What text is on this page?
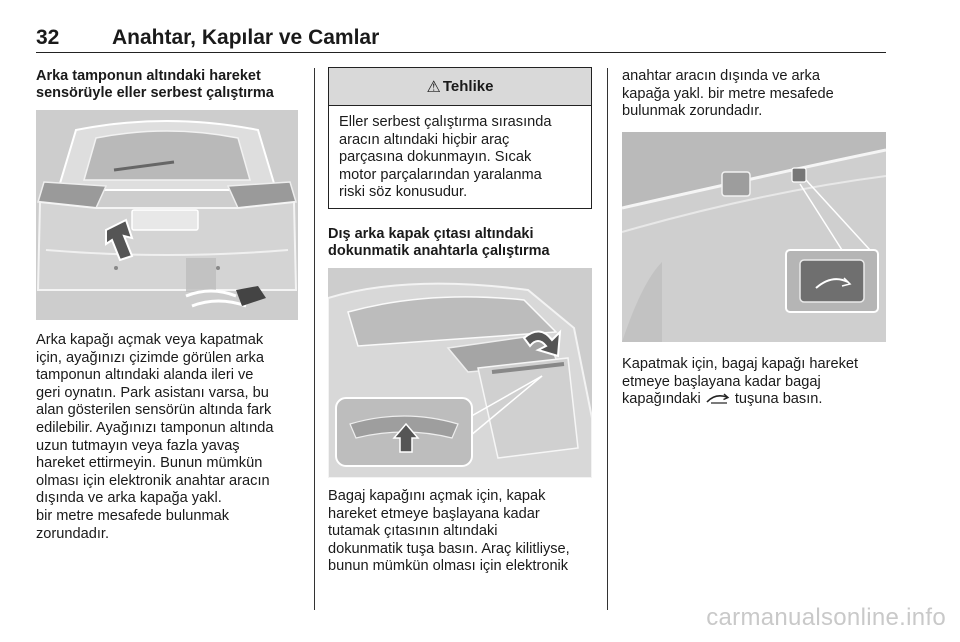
32	Anahtar, Kapılar ve Camlar
Arka tamponun altındaki hareket
sensörüyle eller serbest çalıştırma
Arka kapağı açmak veya kapatmak
için, ayağınızı çizimde görülen arka
tamponun altındaki alanda ileri ve
geri oynatın. Park asistanı varsa, bu
alan gösterilen sensörün altında fark
edilebilir. Ayağınızı tamponun altında
uzun tutmayın veya fazla yavaş
hareket ettirmeyin. Bunun mümkün
olması için elektronik anahtar aracın
dışında ve arka kapağa yakl.
bir metre mesafede bulunmak
zorundadır.
⚠ Tehlike
Eller serbest çalıştırma sırasında
aracın altındaki hiçbir araç
parçasına dokunmayın. Sıcak
motor parçalarından yaralanma
riski söz konusudur.
Dış arka kapak çıtası altındaki
dokunmatik anahtarla çalıştırma
Bagaj kapağını açmak için, kapak
hareket etmeye başlayana kadar
tutamak çıtasının altındaki
dokunmatik tuşa basın. Araç kilitliyse,
bunun mümkün olması için elektronik
anahtar aracın dışında ve arka
kapağa yakl. bir metre mesafede
bulunmak zorundadır.
Kapatmak için, bagaj kapağı hareket
etmeye başlayana kadar bagaj
kapağındaki  tuşuna basın.
carmanualsonline.info
